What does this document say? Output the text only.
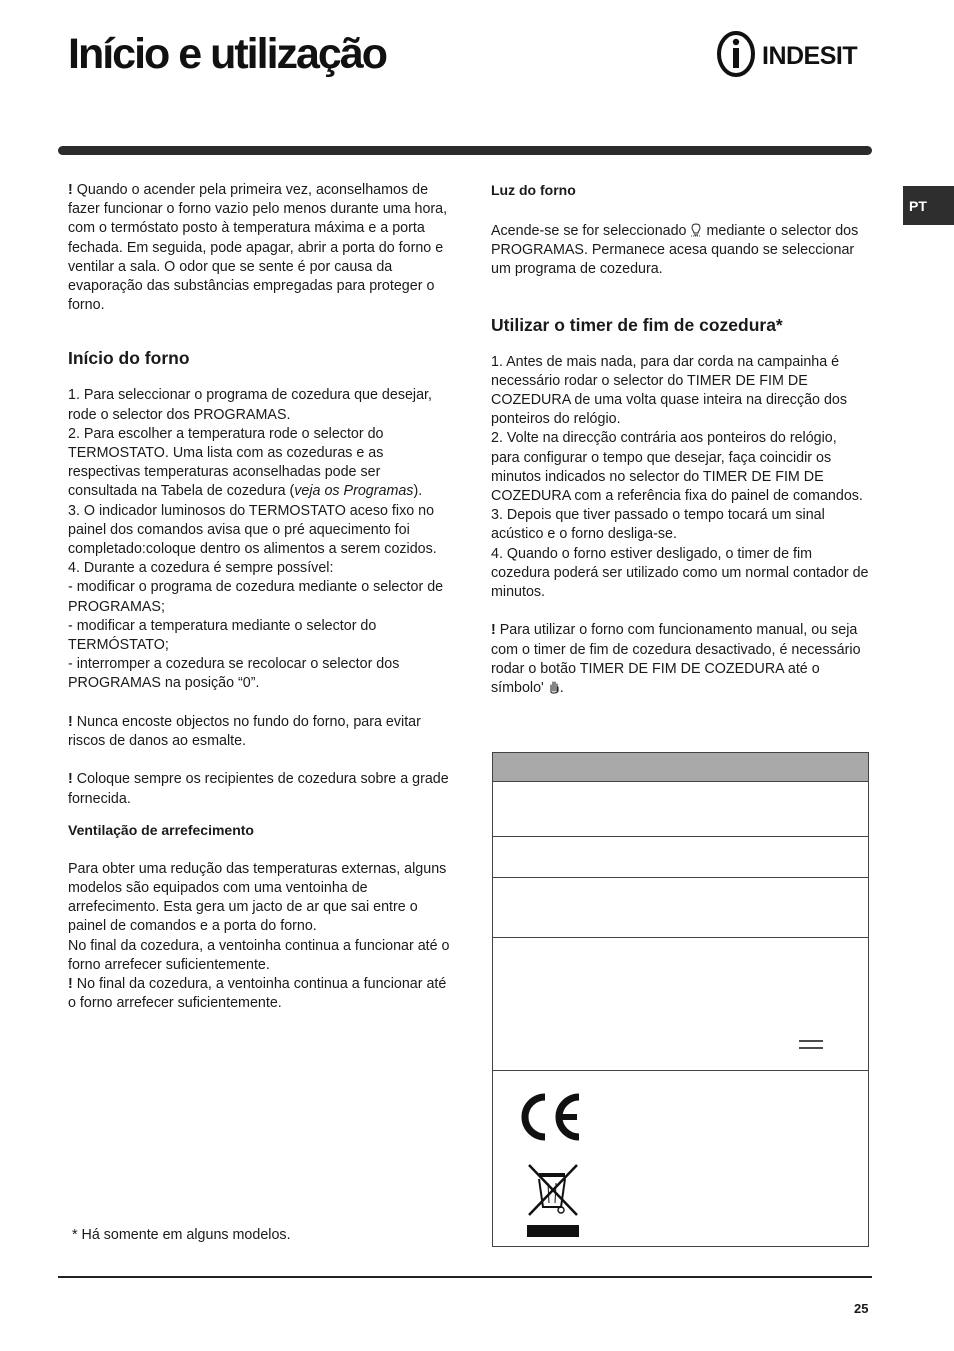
Início e utilização	INDESIT
PT

! Quando o acender pela primeira vez, aconselhamos de fazer funcionar o forno vazio pelo menos durante uma hora, com o termóstato posto à temperatura máxima e a porta fechada. Em seguida, pode apagar, abrir a porta do forno e ventilar a sala. O odor que se sente é por causa da evaporação das substâncias empregadas para proteger o forno.

Início do forno

1. Para seleccionar o programa de cozedura que desejar, rode o selector dos PROGRAMAS.

2. Para escolher a temperatura rode o selector do TERMOSTATO. Uma lista com as cozeduras e as respectivas temperaturas aconselhadas pode ser consultada na Tabela de cozedura (veja os Programas).

3. O indicador luminosos do TERMOSTATO aceso fixo no painel dos comandos avisa que o pré aquecimento foi completado:coloque dentro os alimentos a serem cozidos.

4. Durante a cozedura é sempre possível:

- modificar o programa de cozedura mediante o selector de PROGRAMAS;

- modificar a temperatura mediante o selector do TERMÓSTATO;

- interromper a cozedura se recolocar o selector dos PROGRAMAS na posição “0”.

! Nunca encoste objectos no fundo do forno, para evitar riscos de danos ao esmalte.

! Coloque sempre os recipientes de cozedura sobre a grade fornecida.

Ventilação de arrefecimento

Para obter uma redução das temperaturas externas, alguns modelos são equipados com uma ventoinha de arrefecimento. Esta gera um jacto de ar que sai entre o painel de comandos e a porta do forno.

No final da cozedura, a ventoinha continua a funcionar até o forno arrefecer suficientemente.

! No final da cozedura, a ventoinha continua a funcionar até o forno arrefecer suficientemente.

Luz do forno

Acende-se se for seleccionado  mediante o selector dos PROGRAMAS. Permanece acesa quando se seleccionar um programa de cozedura.

Utilizar o timer de fim de cozedura*

1. Antes de mais nada, para dar corda na campainha é necessário rodar o selector do TIMER DE FIM DE COZEDURA de uma volta quase inteira na direcção dos ponteiros do relógio.

2. Volte na direcção contrária aos ponteiros do relógio, para configurar o tempo que desejar, faça coincidir os minutos indicados no selector do TIMER DE FIM DE COZEDURA com a referência fixa do painel de comandos.

3. Depois que tiver passado o tempo tocará um sinal acústico e o forno desliga-se.

4. Quando o forno estiver desligado, o timer de fim cozedura poderá ser utilizado como um normal contador de minutos.

! Para utilizar o forno com funcionamento manual, ou seja com o timer de fim de cozedura desactivado, é necessário rodar o botão TIMER DE FIM DE COZEDURA até o símbolo' .

* Há somente em alguns modelos.
25
